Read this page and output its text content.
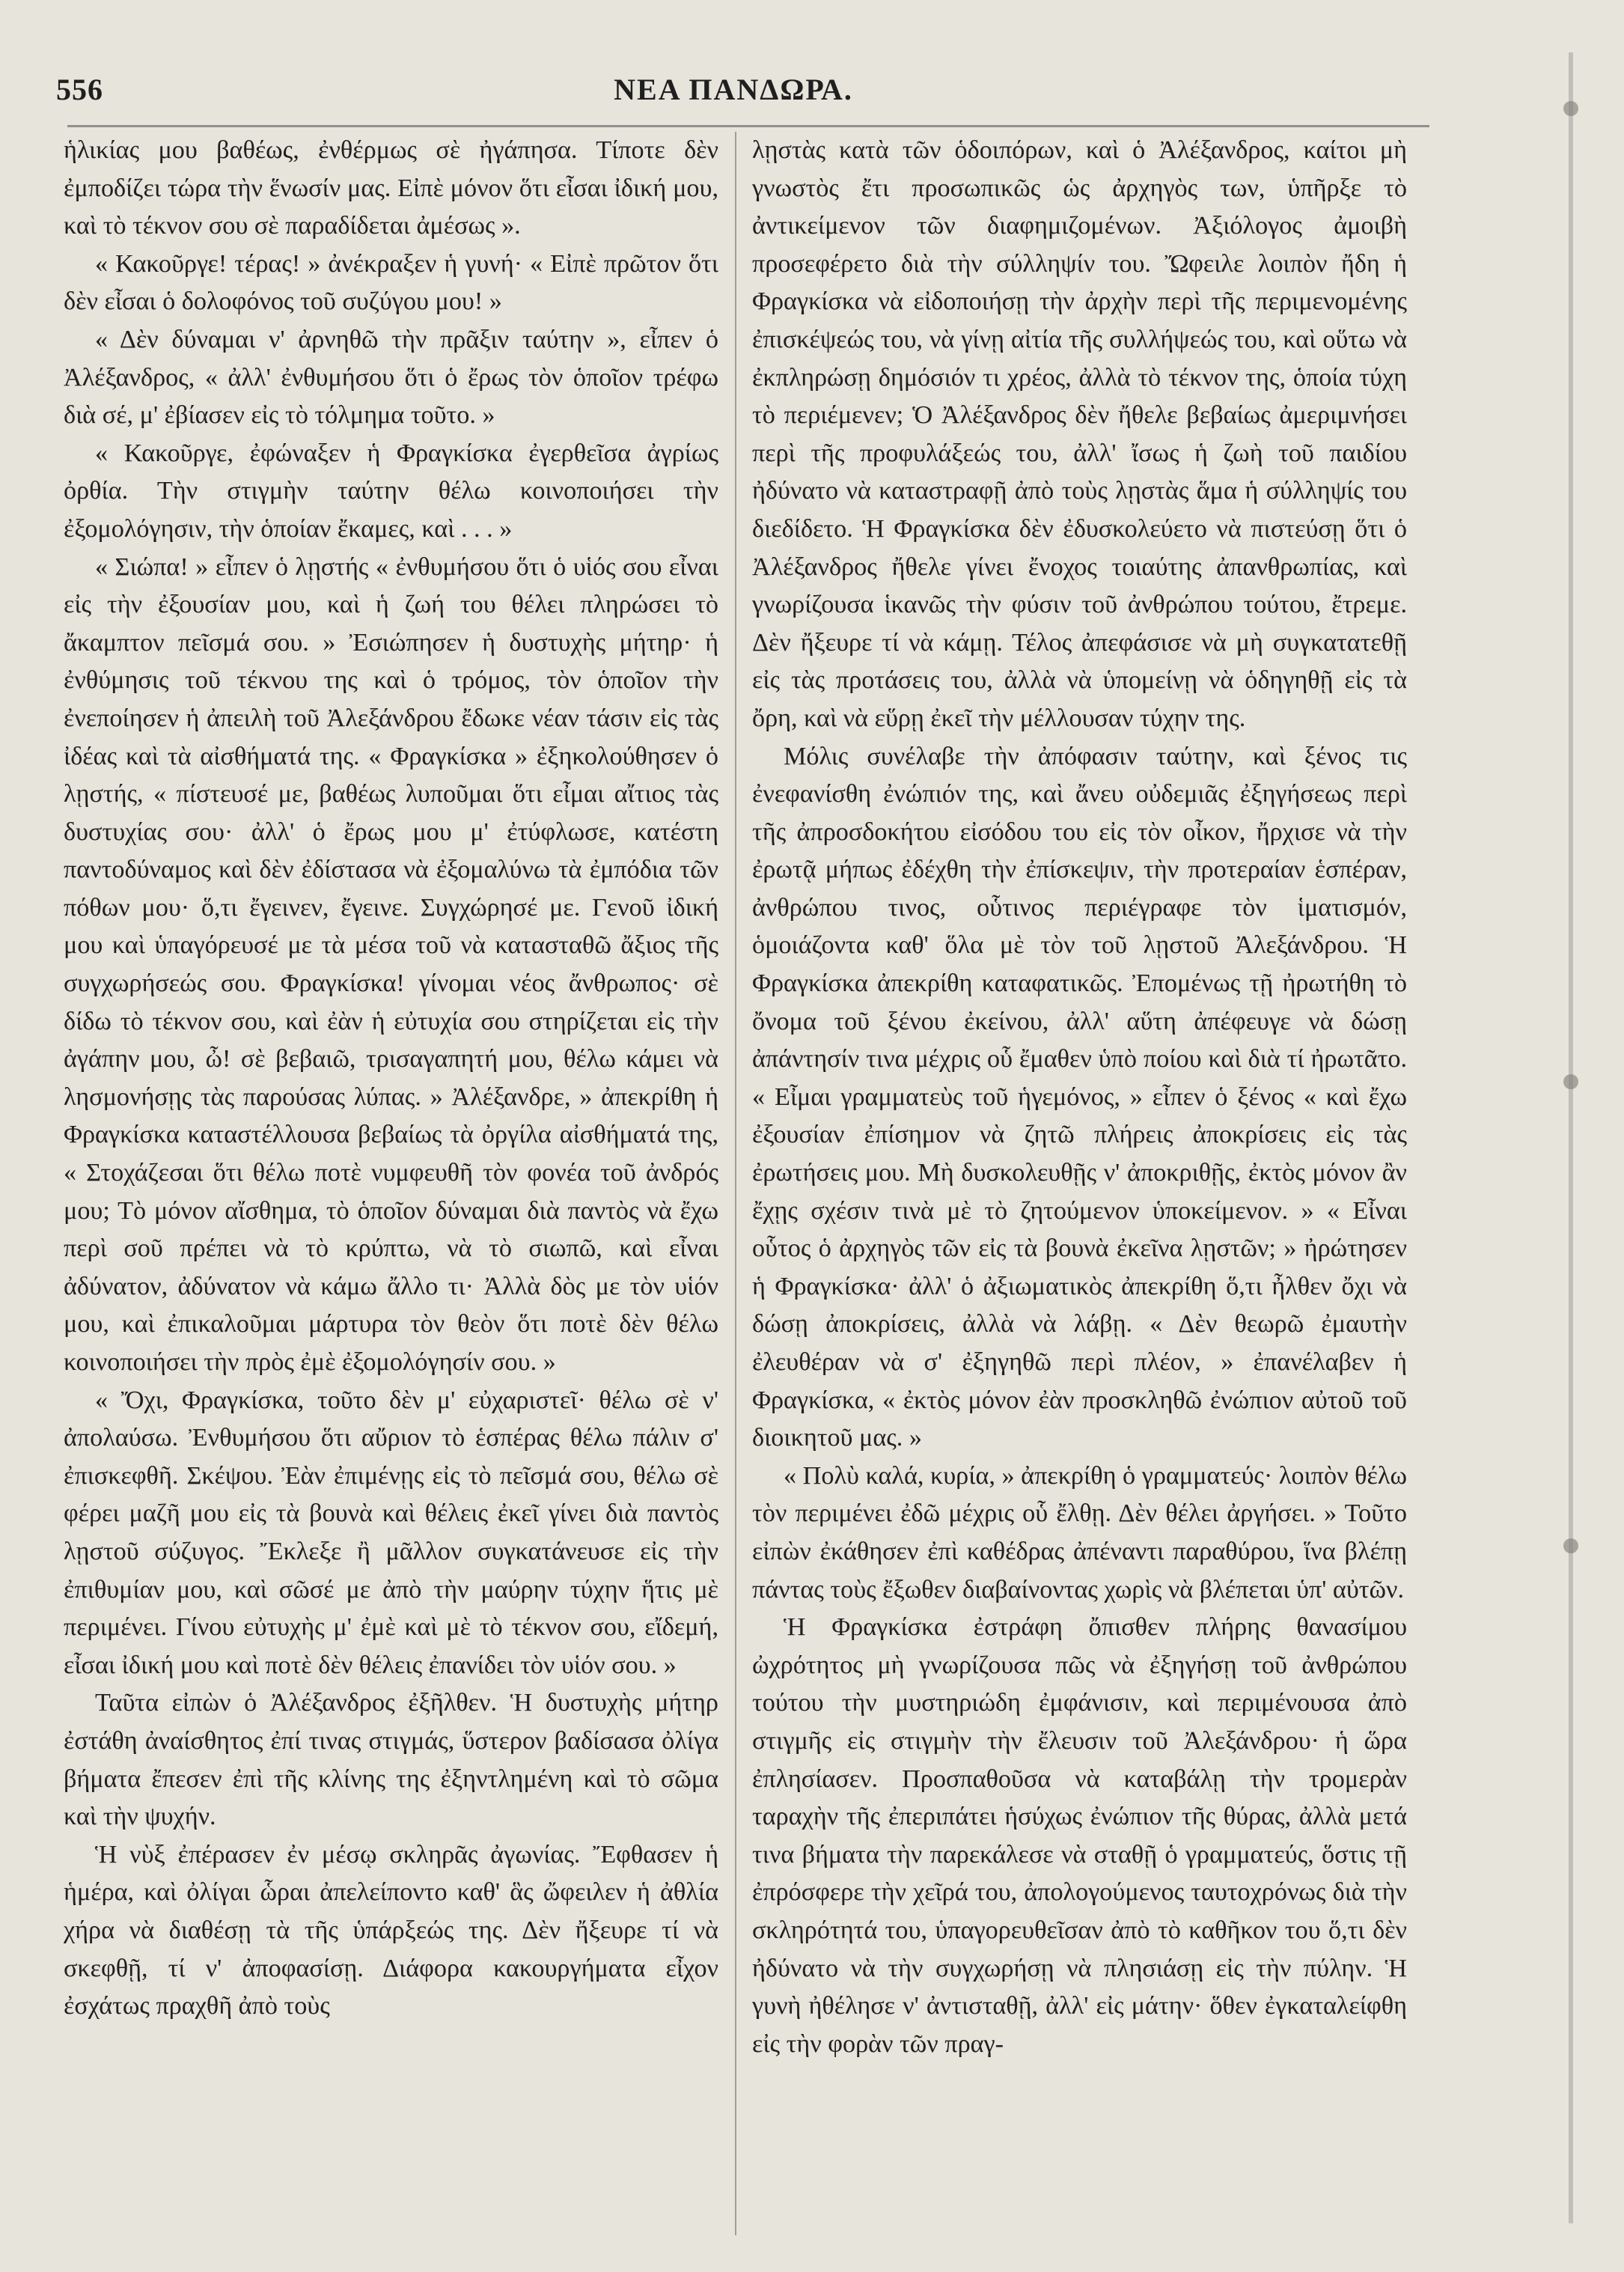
556	ΝΕΑ ΠΑΝΔΩΡΑ.

ἡλικίας μου βαθέως, ἐνθέρμως σὲ ἠγάπησα. Τίποτε δὲν ἐμποδίζει τώρα τὴν ἕνωσίν μας. Εἰπὲ μόνον ὅτι εἶσαι ἰδική μου, καὶ τὸ τέκνον σου σὲ παραδίδεται ἀμέσως ».

« Κακοῦργε! τέρας! » ἀνέκραξεν ἡ γυνή· « Εἰπὲ πρῶτον ὅτι δὲν εἶσαι ὁ δολοφόνος τοῦ συζύγου μου! »

« Δὲν δύναμαι ν' ἀρνηθῶ τὴν πρᾶξιν ταύτην », εἶπεν ὁ Ἀλέξανδρος, « ἀλλ' ἐνθυμήσου ὅτι ὁ ἔρως τὸν ὁποῖον τρέφω διὰ σέ, μ' ἐβίασεν εἰς τὸ τόλμημα τοῦτο. »

« Κακοῦργε, ἐφώναξεν ἡ Φραγκίσκα ἐγερθεῖσα ἀγρίως ὀρθία. Τὴν στιγμὴν ταύτην θέλω κοινοποιήσει τὴν ἐξομολόγησιν, τὴν ὁποίαν ἔκαμες, καὶ . . . »

« Σιώπα! » εἶπεν ὁ λῃστής « ἐνθυμήσου ὅτι ὁ υἱός σου εἶναι εἰς τὴν ἐξουσίαν μου, καὶ ἡ ζωή του θέλει πληρώσει τὸ ἄκαμπτον πεῖσμά σου. » Ἐσιώπησεν ἡ δυστυχὴς μήτηρ· ἡ ἐνθύμησις τοῦ τέκνου της καὶ ὁ τρόμος, τὸν ὁποῖον τὴν ἐνεποίησεν ἡ ἀπειλὴ τοῦ Ἀλεξάνδρου ἔδωκε νέαν τάσιν εἰς τὰς ἰδέας καὶ τὰ αἰσθήματά της. « Φραγκίσκα » ἐξηκολούθησεν ὁ λῃστής, « πίστευσέ με, βαθέως λυποῦμαι ὅτι εἶμαι αἴτιος τὰς δυστυχίας σου· ἀλλ' ὁ ἔρως μου μ' ἐτύφλωσε, κατέστη παντοδύναμος καὶ δὲν ἐδίστασα νὰ ἐξομαλύνω τὰ ἐμπόδια τῶν πόθων μου· ὅ,τι ἔγεινεν, ἔγεινε. Συγχώρησέ με. Γενοῦ ἰδική μου καὶ ὑπαγόρευσέ με τὰ μέσα τοῦ νὰ κατασταθῶ ἄξιος τῆς συγχωρήσεώς σου. Φραγκίσκα! γίνομαι νέος ἄνθρωπος· σὲ δίδω τὸ τέκνον σου, καὶ ἐὰν ἡ εὐτυχία σου στηρίζεται εἰς τὴν ἀγάπην μου, ὦ! σὲ βεβαιῶ, τρισαγαπητή μου, θέλω κάμει νὰ λησμονήσῃς τὰς παρούσας λύπας. » Ἀλέξανδρε, » ἀπεκρίθη ἡ Φραγκίσκα καταστέλλουσα βεβαίως τὰ ὀργίλα αἰσθήματά της, « Στοχάζεσαι ὅτι θέλω ποτὲ νυμφευθῆ τὸν φονέα τοῦ ἀνδρός μου; Τὸ μόνον αἴσθημα, τὸ ὁποῖον δύναμαι διὰ παντὸς νὰ ἔχω περὶ σοῦ πρέπει νὰ τὸ κρύπτω, νὰ τὸ σιωπῶ, καὶ εἶναι ἀδύνατον, ἀδύνατον νὰ κάμω ἄλλο τι· Ἀλλὰ δὸς με τὸν υἱόν μου, καὶ ἐπικαλοῦμαι μάρτυρα τὸν θεὸν ὅτι ποτὲ δὲν θέλω κοινοποιήσει τὴν πρὸς ἐμὲ ἐξομολόγησίν σου. »

« Ὄχι, Φραγκίσκα, τοῦτο δὲν μ' εὐχαριστεῖ· θέλω σὲ ν' ἀπολαύσω. Ἐνθυμήσου ὅτι αὔριον τὸ ἑσπέρας θέλω πάλιν σ' ἐπισκεφθῆ. Σκέψου. Ἐὰν ἐπιμένῃς εἰς τὸ πεῖσμά σου, θέλω σὲ φέρει μαζῆ μου εἰς τὰ βουνὰ καὶ θέλεις ἐκεῖ γίνει διὰ παντὸς λῃστοῦ σύζυγος. Ἔκλεξε ἢ μᾶλλον συγκατάνευσε εἰς τὴν ἐπιθυμίαν μου, καὶ σῶσέ με ἀπὸ τὴν μαύρην τύχην ἥτις μὲ περιμένει. Γίνου εὐτυχὴς μ' ἐμὲ καὶ μὲ τὸ τέκνον σου, εἴδεμή, εἶσαι ἰδική μου καὶ ποτὲ δὲν θέλεις ἐπανίδει τὸν υἱόν σου. »

Ταῦτα εἰπὼν ὁ Ἀλέξανδρος ἐξῆλθεν. Ἡ δυστυχὴς μήτηρ ἐστάθη ἀναίσθητος ἐπί τινας στιγμάς, ὕστερον βαδίσασα ὀλίγα βήματα ἔπεσεν ἐπὶ τῆς κλίνης της ἐξηντλημένη καὶ τὸ σῶμα καὶ τὴν ψυχήν.

Ἡ νὺξ ἐπέρασεν ἐν μέσῳ σκληρᾶς ἀγωνίας. Ἔφθασεν ἡ ἡμέρα, καὶ ὀλίγαι ὧραι ἀπελείποντο καθ' ἃς ὤφειλεν ἡ ἀθλία χήρα νὰ διαθέσῃ τὰ τῆς ὑπάρξεώς της. Δὲν ἤξευρε τί νὰ σκεφθῇ, τί ν' ἀποφασίσῃ. Διάφορα κακουργήματα εἶχον ἐσχάτως πραχθῆ ἀπὸ τοὺς

λῃστὰς κατὰ τῶν ὁδοιπόρων, καὶ ὁ Ἀλέξανδρος, καίτοι μὴ γνωστὸς ἔτι προσωπικῶς ὡς ἀρχηγὸς των, ὑπῆρξε τὸ ἀντικείμενον τῶν διαφημιζομένων. Ἀξιόλογος ἀμοιβὴ προσεφέρετο διὰ τὴν σύλληψίν του. Ὤφειλε λοιπὸν ἤδη ἡ Φραγκίσκα νὰ εἰδοποιήσῃ τὴν ἀρχὴν περὶ τῆς περιμενομένης ἐπισκέψεώς του, νὰ γίνῃ αἰτία τῆς συλλήψεώς του, καὶ οὕτω νὰ ἐκπληρώσῃ δημόσιόν τι χρέος, ἀλλὰ τὸ τέκνον της, ὁποία τύχη τὸ περιέμενεν; Ὁ Ἀλέξανδρος δὲν ἤθελε βεβαίως ἀμεριμνήσει περὶ τῆς προφυλάξεώς του, ἀλλ' ἴσως ἡ ζωὴ τοῦ παιδίου ἠδύνατο νὰ καταστραφῇ ἀπὸ τοὺς λῃστὰς ἅμα ἡ σύλληψίς του διεδίδετο. Ἡ Φραγκίσκα δὲν ἐδυσκολεύετο νὰ πιστεύσῃ ὅτι ὁ Ἀλέξανδρος ἤθελε γίνει ἔνοχος τοιαύτης ἀπανθρωπίας, καὶ γνωρίζουσα ἱκανῶς τὴν φύσιν τοῦ ἀνθρώπου τούτου, ἔτρεμε. Δὲν ἤξευρε τί νὰ κάμῃ. Τέλος ἀπεφάσισε νὰ μὴ συγκατατεθῇ εἰς τὰς προτάσεις του, ἀλλὰ νὰ ὑπομείνῃ νὰ ὁδηγηθῇ εἰς τὰ ὄρη, καὶ νὰ εὕρῃ ἐκεῖ τὴν μέλλουσαν τύχην της.

Μόλις συνέλαβε τὴν ἀπόφασιν ταύτην, καὶ ξένος τις ἐνεφανίσθη ἐνώπιόν της, καὶ ἄνευ οὐδεμιᾶς ἐξηγήσεως περὶ τῆς ἀπροσδοκήτου εἰσόδου του εἰς τὸν οἶκον, ἤρχισε νὰ τὴν ἐρωτᾷ μήπως ἐδέχθη τὴν ἐπίσκεψιν, τὴν προτεραίαν ἑσπέραν, ἀνθρώπου τινος, οὗτινος περιέγραφε τὸν ἱματισμόν, ὁμοιάζοντα καθ' ὅλα μὲ τὸν τοῦ λῃστοῦ Ἀλεξάνδρου. Ἡ Φραγκίσκα ἀπεκρίθη καταφατικῶς. Ἐπομένως τῇ ἠρωτήθη τὸ ὄνομα τοῦ ξένου ἐκείνου, ἀλλ' αὕτη ἀπέφευγε νὰ δώσῃ ἀπάντησίν τινα μέχρις οὗ ἔμαθεν ὑπὸ ποίου καὶ διὰ τί ἠρωτᾶτο. « Εἶμαι γραμματεὺς τοῦ ἡγεμόνος, » εἶπεν ὁ ξένος « καὶ ἔχω ἐξουσίαν ἐπίσημον νὰ ζητῶ πλήρεις ἀποκρίσεις εἰς τὰς ἐρωτήσεις μου. Μὴ δυσκολευθῇς ν' ἀποκριθῇς, ἐκτὸς μόνον ἂν ἔχῃς σχέσιν τινὰ μὲ τὸ ζητούμενον ὑποκείμενον. » « Εἶναι οὗτος ὁ ἀρχηγὸς τῶν εἰς τὰ βουνὰ ἐκεῖνα λῃστῶν; » ἠρώτησεν ἡ Φραγκίσκα· ἀλλ' ὁ ἀξιωματικὸς ἀπεκρίθη ὅ,τι ἦλθεν ὄχι νὰ δώσῃ ἀποκρίσεις, ἀλλὰ νὰ λάβῃ. « Δὲν θεωρῶ ἐμαυτὴν ἐλευθέραν νὰ σ' ἐξηγηθῶ περὶ πλέον, » ἐπανέλαβεν ἡ Φραγκίσκα, « ἐκτὸς μόνον ἐὰν προσκληθῶ ἐνώπιον αὐτοῦ τοῦ διοικητοῦ μας. »

« Πολὺ καλά, κυρία, » ἀπεκρίθη ὁ γραμματεύς· λοιπὸν θέλω τὸν περιμένει ἐδῶ μέχρις οὗ ἔλθῃ. Δὲν θέλει ἀργήσει. » Τοῦτο εἰπὼν ἐκάθησεν ἐπὶ καθέδρας ἀπέναντι παραθύρου, ἵνα βλέπῃ πάντας τοὺς ἔξωθεν διαβαίνοντας χωρὶς νὰ βλέπεται ὑπ' αὐτῶν.

Ἡ Φραγκίσκα ἐστράφη ὄπισθεν πλήρης θανασίμου ὠχρότητος μὴ γνωρίζουσα πῶς νὰ ἐξηγήσῃ τοῦ ἀνθρώπου τούτου τὴν μυστηριώδη ἐμφάνισιν, καὶ περιμένουσα ἀπὸ στιγμῆς εἰς στιγμὴν τὴν ἔλευσιν τοῦ Ἀλεξάνδρου· ἡ ὥρα ἐπλησίασεν. Προσπαθοῦσα νὰ καταβάλῃ τὴν τρομερὰν ταραχὴν τῆς ἐπεριπάτει ἡσύχως ἐνώπιον τῆς θύρας, ἀλλὰ μετά τινα βήματα τὴν παρεκάλεσε νὰ σταθῇ ὁ γραμματεύς, ὅστις τῇ ἐπρόσφερε τὴν χεῖρά του, ἀπολογούμενος ταυτοχρόνως διὰ τὴν σκληρότητά του, ὑπαγορευθεῖσαν ἀπὸ τὸ καθῆκον του ὅ,τι δὲν ἠδύνατο νὰ τὴν συγχωρήσῃ νὰ πλησιάσῃ εἰς τὴν πύλην. Ἡ γυνὴ ἠθέλησε ν' ἀντισταθῇ, ἀλλ' εἰς μάτην· ὅθεν ἐγκαταλείφθη εἰς τὴν φορὰν τῶν πραγ-
